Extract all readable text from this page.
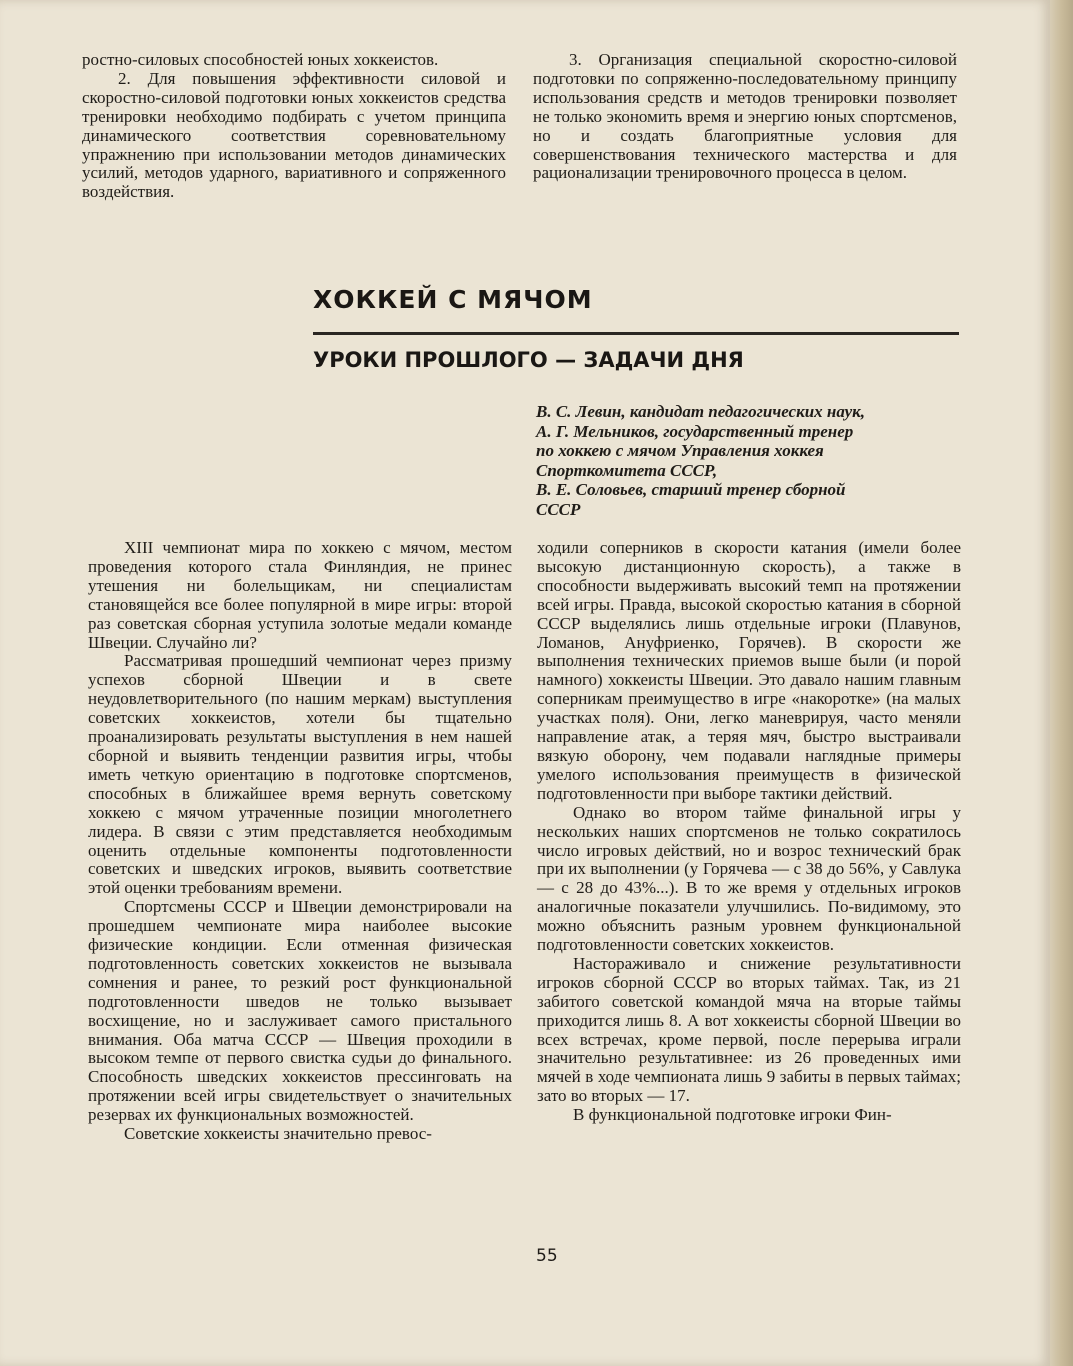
ростно-силовых способностей юных хоккеистов.

2. Для повышения эффективности силовой и скоростно-силовой подготовки юных хоккеистов средства тренировки необходимо подбирать с учетом принципа динамического соответствия соревновательному упражнению при использовании методов динамических усилий, методов ударного, вариативного и сопряженного воздействия.

3. Организация специальной скоростно-силовой подготовки по сопряженно-последовательному принципу использования средств и методов тренировки позволяет не только экономить время и энергию юных спортсменов, но и создать благоприятные условия для совершенствования технического мастерства и для рационализации тренировочного процесса в целом.

ХОККЕЙ С МЯЧОМ
УРОКИ ПРОШЛОГО — ЗАДАЧИ ДНЯ
В. С. Левин, кандидат педагогических наук,
А. Г. Мельников, государственный тренер
по хоккею с мячом Управления хоккея
Спорткомитета СССР,
В. Е. Соловьев, старший тренер сборной
СССР

XIII чемпионат мира по хоккею с мячом, местом проведения которого стала Финляндия, не принес утешения ни болельщикам, ни специалистам становящейся все более популярной в мире игры: второй раз советская сборная уступила золотые медали команде Швеции. Случайно ли?

Рассматривая прошедший чемпионат через призму успехов сборной Швеции и в свете неудовлетворительного (по нашим меркам) выступления советских хоккеистов, хотели бы тщательно проанализировать результаты выступления в нем нашей сборной и выявить тенденции развития игры, чтобы иметь четкую ориентацию в подготовке спортсменов, способных в ближайшее время вернуть советскому хоккею с мячом утраченные позиции многолетнего лидера. В связи с этим представляется необходимым оценить отдельные компоненты подготовленности советских и шведских игроков, выявить соответствие этой оценки требованиям времени.

Спортсмены СССР и Швеции демонстрировали на прошедшем чемпионате мира наиболее высокие физические кондиции. Если отменная физическая подготовленность советских хоккеистов не вызывала сомнения и ранее, то резкий рост функциональной подготовленности шведов не только вызывает восхищение, но и заслуживает самого пристального внимания. Оба матча СССР — Швеция проходили в высоком темпе от первого свистка судьи до финального. Способность шведских хоккеистов прессинговать на протяжении всей игры свидетельствует о значительных резервах их функциональных возможностей.

Советские хоккеисты значительно превос-

ходили соперников в скорости катания (имели более высокую дистанционную скорость), а также в способности выдерживать высокий темп на протяжении всей игры. Правда, высокой скоростью катания в сборной СССР выделялись лишь отдельные игроки (Плавунов, Ломанов, Ануфриенко, Горячев). В скорости же выполнения технических приемов выше были (и порой намного) хоккеисты Швеции. Это давало нашим главным соперникам преимущество в игре «накоротке» (на малых участках поля). Они, легко маневрируя, часто меняли направление атак, а теряя мяч, быстро выстраивали вязкую оборону, чем подавали наглядные примеры умелого использования преимуществ в физической подготовленности при выборе тактики действий.

Однако во втором тайме финальной игры у нескольких наших спортсменов не только сократилось число игровых действий, но и возрос технический брак при их выполнении (у Горячева — с 38 до 56%, у Савлука — с 28 до 43%...). В то же время у отдельных игроков аналогичные показатели улучшились. По-видимому, это можно объяснить разным уровнем функциональной подготовленности советских хоккеистов.

Настораживало и снижение результативности игроков сборной СССР во вторых таймах. Так, из 21 забитого советской командой мяча на вторые таймы приходится лишь 8. А вот хоккеисты сборной Швеции во всех встречах, кроме первой, после перерыва играли значительно результативнее: из 26 проведенных ими мячей в ходе чемпионата лишь 9 забиты в первых таймах; зато во вторых — 17.

В функциональной подготовке игроки Фин-

55
